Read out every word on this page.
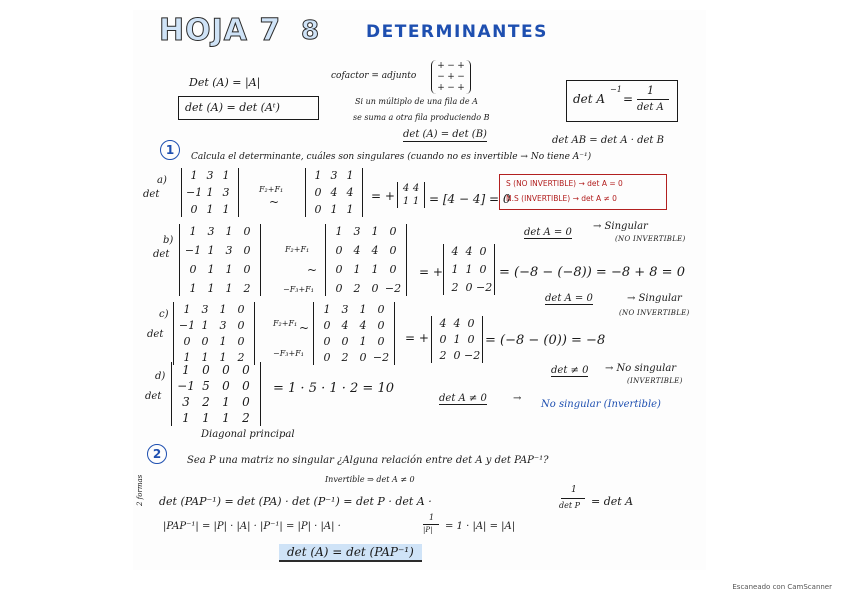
HOJA 7 8	DETERMINANTES
Det (A) = |A|	cofactor = adjunto
+ − +
− + −
+ − +
det A
−1
=
1
det A
det (A) = det (Aᵗ)	Si un múltiplo de una fila de A
se suma a otra fila produciendo B
det (A) = det (B)
det AB = det A · det B
1	Calcula el determinante, cuáles son singulares (cuando no es invertible → No tiene A⁻¹)
a)
det
1 3 1
−1 1 3
0 1 1
F₂+F₁
~
1 3 1
0 4 4
0 1 1
= +
4 4
1 1 = [4 − 4] = 0
S (NO INVERTIBLE) → det A = 0
N.S (INVERTIBLE) → det A ≠ 0
det A = 0
→ Singular
(NO INVERTIBLE)
b)
det
1	3	1	0
−1 1	3	0
0	1	1	0
1	1	1	2
F₂+F₁
~
−F₃+F₁
1	3	1	0
0	4	4	0
0	1	1	0
0	2	0 −2
= +
4 4 0
1 1 0
2 0 −2
= (−8 − (−8)) = −8 + 8 = 0
det A = 0	→ Singular
(NO INVERTIBLE)
c)
det
1	3	1	0
−1 1	3	0
0	0	1	0
1	1	1	2
F₂+F₁ ~
−F₃+F₁
1	3	1	0
0	4	4	0
0	0	1	0
0	2	0 −2
= +
4 4 0
0 1 0
2 0 −2
= (−8 − (0)) = −8
det ≠ 0 → No singular
(INVERTIBLE)
d)
det
1	0	0	0
−1 5	0	0
3	2	1	0
1	1	1	2
= 1 · 5 · 1 · 2 = 10
det A ≠ 0	→
No singular (Invertible)
Diagonal principal
2	Sea P una matriz no singular ¿Alguna relación entre det A y det PAP⁻¹?
Invertible ⇒ det A ≠ 0
2 formas det (PAP⁻¹) = det (PA) · det (P⁻¹) = det P · det A ·
1
det P = det A
|PAP⁻¹| = |P| · |A| · |P⁻¹| = |P| · |A| ·
1
|P| = 1 · |A| = |A|
det (A) = det (PAP⁻¹)
Escaneado con CamScanner
